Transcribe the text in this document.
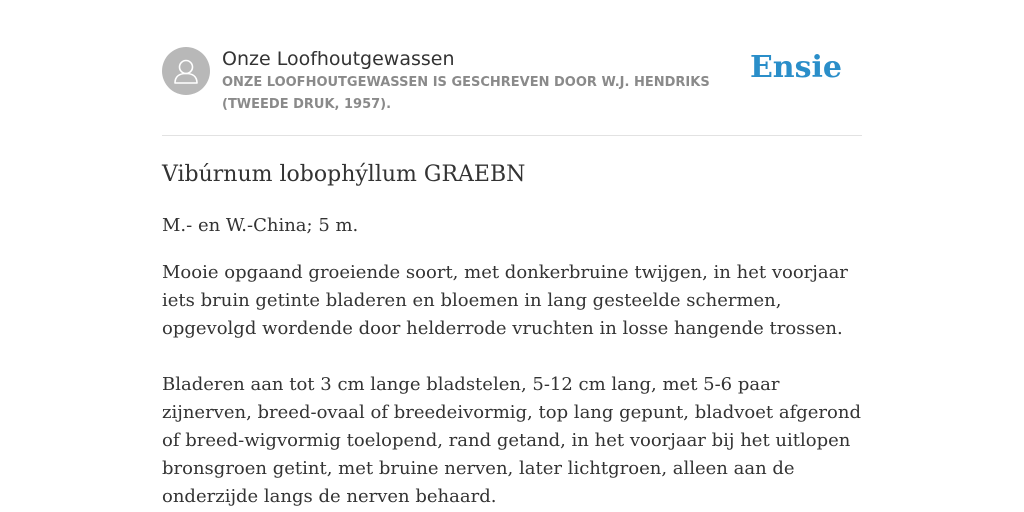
Onze Loofhoutgewassen
ONZE LOOFHOUTGEWASSEN IS GESCHREVEN DOOR W.J. HENDRIKS (TWEEDE DRUK, 1957).
Ensie
Vibúrnum lobophýllum GRAEBN

M.- en W.-China; 5 m.

Mooie opgaand groeiende soort, met donkerbruine twijgen, in het voorjaar iets bruin getinte bladeren en bloemen in lang gesteelde schermen, opgevolgd wordende door helderrode vruchten in losse hangende trossen.

Bladeren aan tot 3 cm lange bladstelen, 5-12 cm lang, met 5-6 paar zijnerven, breed-ovaal of breedeivormig, top lang gepunt, bladvoet afgerond of breed-wigvormig toelopend, rand getand, in het voorjaar bij het uitlopen bronsgroen getint, met bruine nerven, later lichtgroen, alleen aan de onderzijde langs de nerven behaard.
